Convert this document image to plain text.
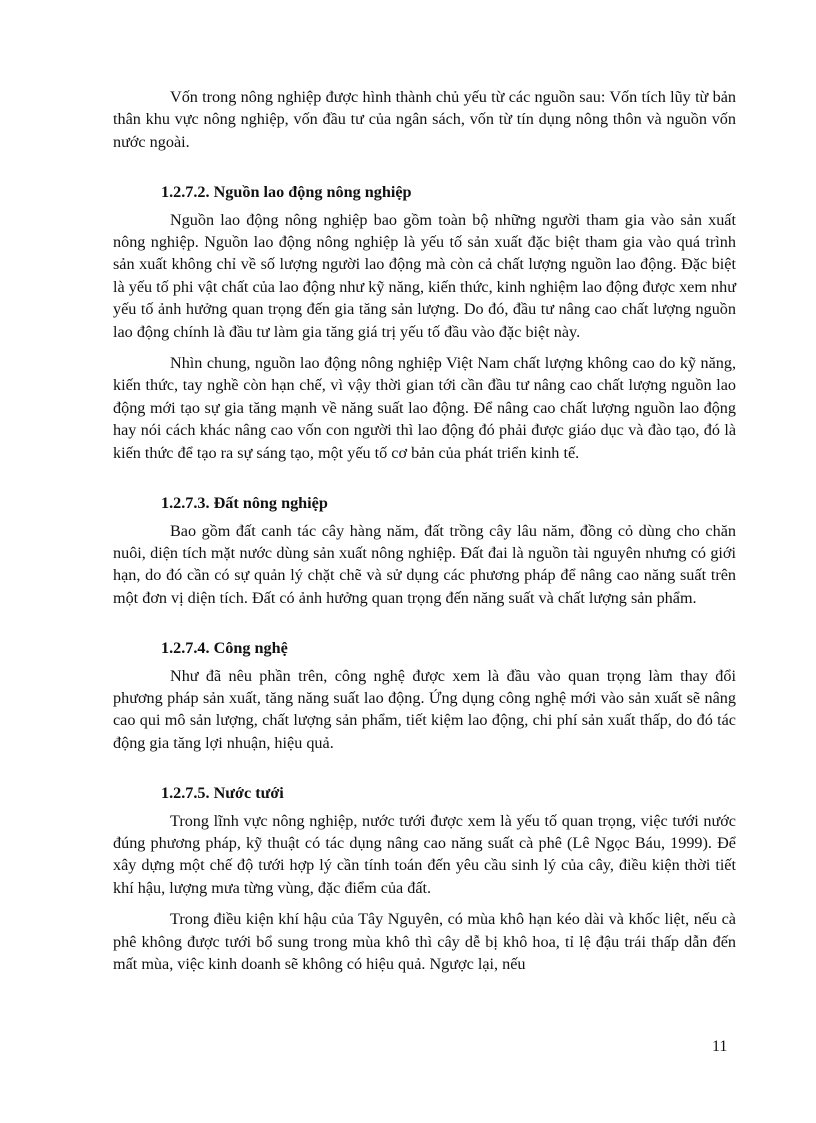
Vốn trong nông nghiệp được hình thành chủ yếu từ các nguồn sau: Vốn tích lũy từ bản thân khu vực nông nghiệp, vốn đầu tư của ngân sách, vốn từ tín dụng nông thôn và nguồn vốn nước ngoài.

1.2.7.2. Nguồn lao động nông nghiệp

Nguồn lao động nông nghiệp bao gồm toàn bộ những người tham gia vào sản xuất nông nghiệp. Nguồn lao động nông nghiệp là yếu tố sản xuất đặc biệt tham gia vào quá trình sản xuất không chỉ về số lượng người lao động mà còn cả chất lượng nguồn lao động. Đặc biệt là yếu tố phi vật chất của lao động như kỹ năng, kiến thức, kinh nghiệm lao động được xem như yếu tố ảnh hưởng quan trọng đến gia tăng sản lượng. Do đó, đầu tư nâng cao chất lượng nguồn lao động chính là đầu tư làm gia tăng giá trị yếu tố đầu vào đặc biệt này.

Nhìn chung, nguồn lao động nông nghiệp Việt Nam chất lượng không cao do kỹ năng, kiến thức, tay nghề còn hạn chế, vì vậy thời gian tới cần đầu tư nâng cao chất lượng nguồn lao động mới tạo sự gia tăng mạnh về năng suất lao động. Để nâng cao chất lượng nguồn lao động hay nói cách khác nâng cao vốn con người thì lao động đó phải được giáo dục và đào tạo, đó là kiến thức để tạo ra sự sáng tạo, một yếu tố cơ bản của phát triển kinh tế.

1.2.7.3. Đất nông nghiệp

Bao gồm đất canh tác cây hàng năm, đất trồng cây lâu năm, đồng cỏ dùng cho chăn nuôi, diện tích mặt nước dùng sản xuất nông nghiệp. Đất đai là nguồn tài nguyên nhưng có giới hạn, do đó cần có sự quản lý chặt chẽ và sử dụng các phương pháp để nâng cao năng suất trên một đơn vị diện tích. Đất có ảnh hưởng quan trọng đến năng suất và chất lượng sản phẩm.

1.2.7.4. Công nghệ

Như đã nêu phần trên, công nghệ được xem là đầu vào quan trọng làm thay đổi phương pháp sản xuất, tăng năng suất lao động. Ứng dụng công nghệ mới vào sản xuất sẽ nâng cao qui mô sản lượng, chất lượng sản phẩm, tiết kiệm lao động, chi phí sản xuất thấp, do đó tác động gia tăng lợi nhuận, hiệu quả.

1.2.7.5. Nước tưới

Trong lĩnh vực nông nghiệp, nước tưới được xem là yếu tố quan trọng, việc tưới nước đúng phương pháp, kỹ thuật có tác dụng nâng cao năng suất cà phê (Lê Ngọc Báu, 1999). Để xây dựng một chế độ tưới hợp lý cần tính toán đến yêu cầu sinh lý của cây, điều kiện thời tiết khí hậu, lượng mưa từng vùng, đặc điểm của đất.

Trong điều kiện khí hậu của Tây Nguyên, có mùa khô hạn kéo dài và khốc liệt, nếu cà phê không được tưới bổ sung trong mùa khô thì cây dễ bị khô hoa, tỉ lệ đậu trái thấp dẫn đến mất mùa, việc kinh doanh sẽ không có hiệu quả. Ngược lại, nếu

11
